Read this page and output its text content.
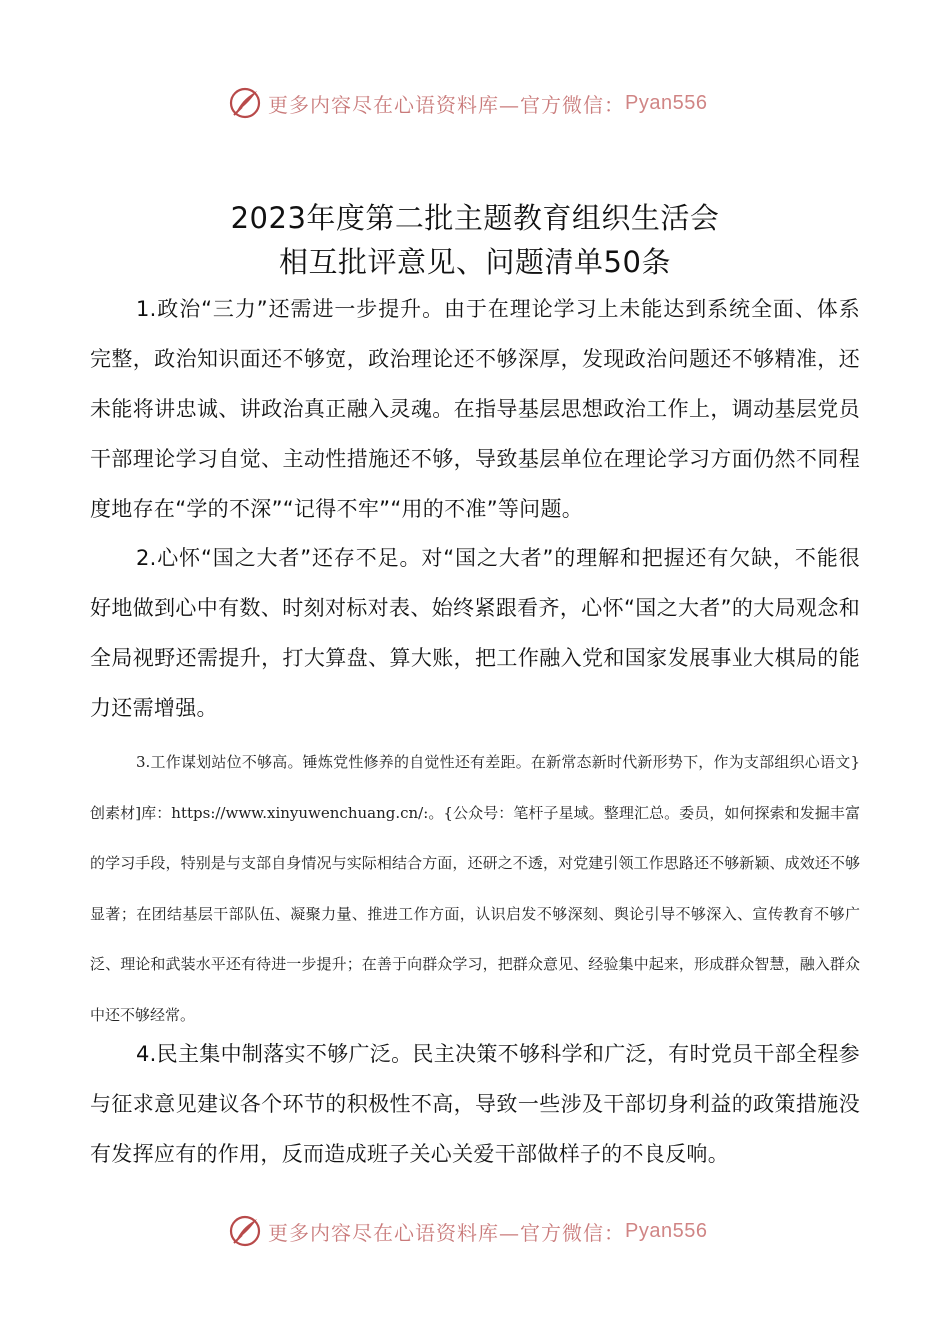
更多内容尽在心语资料库—官方微信： Pyan556
2023年度第二批主题教育组织生活会
相互批评意见、问题清单50条

1.政治“三力”还需进一步提升。由于在理论学习上未能达到系统全面、体系完整，政治知识面还不够宽，政治理论还不够深厚，发现政治问题还不够精准，还未能将讲忠诚、讲政治真正融入灵魂。在指导基层思想政治工作上，调动基层党员干部理论学习自觉、主动性措施还不够，导致基层单位在理论学习方面仍然不同程度地存在“学的不深”“记得不牢”“用的不准”等问题。

2.心怀“国之大者”还存不足。对“国之大者”的理解和把握还有欠缺，不能很好地做到心中有数、时刻对标对表、始终紧跟看齐，心怀“国之大者”的大局观念和全局视野还需提升，打大算盘、算大账，把工作融入党和国家发展事业大棋局的能力还需增强。

3.工作谋划站位不够高。锤炼党性修养的自觉性还有差距。在新常态新时代新形势下，作为支部组织心语文}创素材]库：https://www.xinyuwenchuang.cn/:。{公众号：笔杆子星域。整理汇总。委员，如何探索和发掘丰富的学习手段，特别是与支部自身情况与实际相结合方面，还研之不透，对党建引领工作思路还不够新颖、成效还不够显著；在团结基层干部队伍、凝聚力量、推进工作方面，认识启发不够深刻、舆论引导不够深入、宣传教育不够广泛、理论和武装水平还有待进一步提升；在善于向群众学习，把群众意见、经验集中起来，形成群众智慧，融入群众中还不够经常。

4.民主集中制落实不够广泛。民主决策不够科学和广泛，有时党员干部全程参与征求意见建议各个环节的积极性不高，导致一些涉及干部切身利益的政策措施没有发挥应有的作用，反而造成班子关心关爱干部做样子的不良反响。

更多内容尽在心语资料库—官方微信： Pyan556
